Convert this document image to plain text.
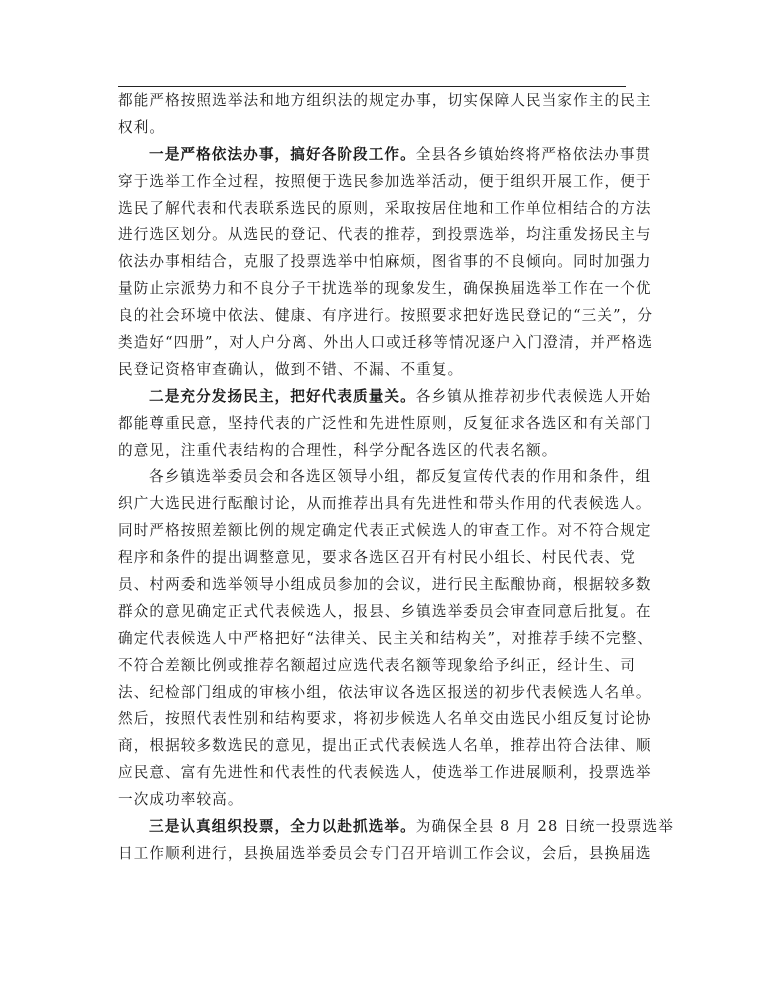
都能严格按照选举法和地方组织法的规定办事，切实保障人民当家作主的民主
权利。
一是严格依法办事，搞好各阶段工作。全县各乡镇始终将严格依法办事贯
穿于选举工作全过程，按照便于选民参加选举活动，便于组织开展工作，便于
选民了解代表和代表联系选民的原则，采取按居住地和工作单位相结合的方法
进行选区划分。从选民的登记、代表的推荐，到投票选举，均注重发扬民主与
依法办事相结合，克服了投票选举中怕麻烦，图省事的不良倾向。同时加强力
量防止宗派势力和不良分子干扰选举的现象发生，确保换届选举工作在一个优
良的社会环境中依法、健康、有序进行。按照要求把好选民登记的“三关”，分
类造好“四册”，对人户分离、外出人口或迁移等情况逐户入门澄清，并严格选
民登记资格审查确认，做到不错、不漏、不重复。
二是充分发扬民主，把好代表质量关。各乡镇从推荐初步代表候选人开始
都能尊重民意，坚持代表的广泛性和先进性原则，反复征求各选区和有关部门
的意见，注重代表结构的合理性，科学分配各选区的代表名额。
各乡镇选举委员会和各选区领导小组，都反复宣传代表的作用和条件，组
织广大选民进行酝酿讨论，从而推荐出具有先进性和带头作用的代表候选人。
同时严格按照差额比例的规定确定代表正式候选人的审查工作。对不符合规定
程序和条件的提出调整意见，要求各选区召开有村民小组长、村民代表、党
员、村两委和选举领导小组成员参加的会议，进行民主酝酿协商，根据较多数
群众的意见确定正式代表候选人，报县、乡镇选举委员会审查同意后批复。在
确定代表候选人中严格把好“法律关、民主关和结构关”，对推荐手续不完整、
不符合差额比例或推荐名额超过应选代表名额等现象给予纠正，经计生、司
法、纪检部门组成的审核小组，依法审议各选区报送的初步代表候选人名单。
然后，按照代表性别和结构要求，将初步候选人名单交由选民小组反复讨论协
商，根据较多数选民的意见，提出正式代表候选人名单，推荐出符合法律、顺
应民意、富有先进性和代表性的代表候选人，使选举工作进展顺利，投票选举
一次成功率较高。
三是认真组织投票，全力以赴抓选举。为确保全县 8 月 28 日统一投票选举
日工作顺利进行，县换届选举委员会专门召开培训工作会议，会后，县换届选
